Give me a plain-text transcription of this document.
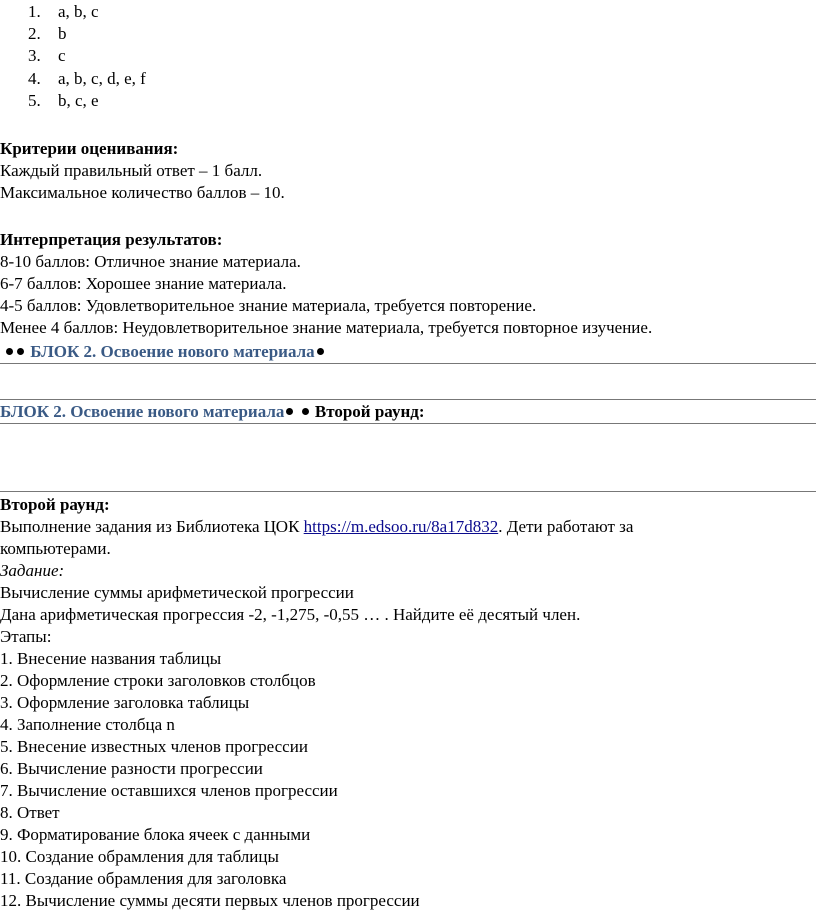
1.	a, b, c
2.	b
3.	c
4.	a, b, c, d, e, f
5.	b, c, e
Критерии оценивания:
Каждый правильный ответ – 1 балл.
Максимальное количество баллов – 10.
Интерпретация результатов:
8-10 баллов: Отличное знание материала.
6-7 баллов: Хорошее знание материала.
4-5 баллов: Удовлетворительное знание материала, требуется повторение.
Менее 4 баллов: Неудовлетворительное знание материала, требуется повторное изучение.
БЛОК 2. Освоение нового материала
БЛОК 2. Освоение нового материала Второй раунд:
Второй раунд:
Выполнение задания из Библиотека ЦОК https://m.edsoo.ru/8a17d832. Дети работают за
компьютерами.
Задание:
Вычисление суммы арифметической прогрессии
Дана арифметическая прогрессия -2, -1,275, -0,55 … . Найдите её десятый член.
Этапы:
1. Внесение названия таблицы
2. Оформление строки заголовков столбцов
3. Оформление заголовка таблицы
4. Заполнение столбца n
5. Внесение известных членов прогрессии
6. Вычисление разности прогрессии
7. Вычисление оставшихся членов прогрессии
8. Ответ
9. Форматирование блока ячеек с данными
10. Создание обрамления для таблицы
11. Создание обрамления для заголовка
12. Вычисление суммы десяти первых членов прогрессии
